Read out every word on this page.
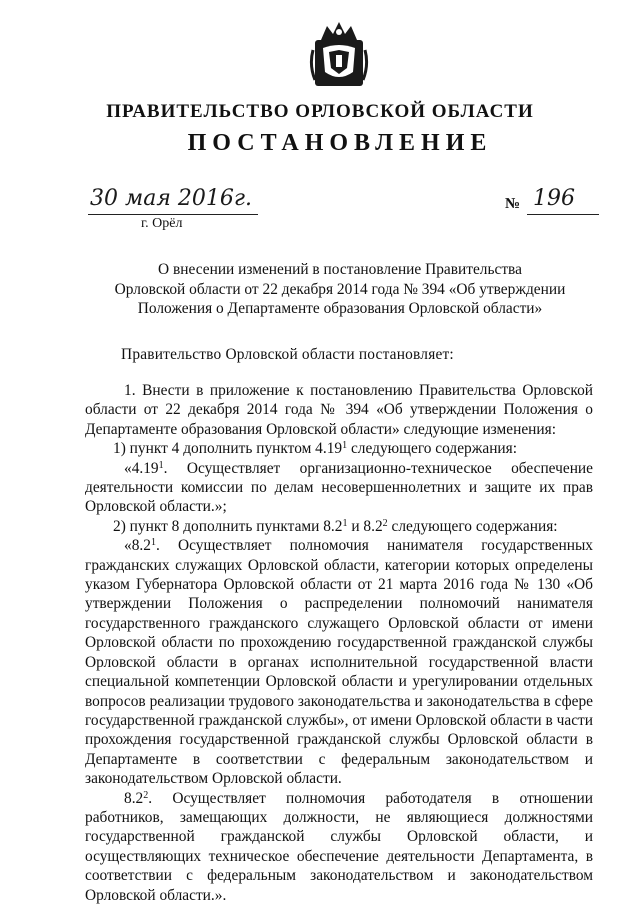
ПРАВИТЕЛЬСТВО ОРЛОВСКОЙ ОБЛАСТИ
ПОСТАНОВЛЕНИЕ
30 мая 2016г.
г. Орёл
№ 196
О внесении изменений в постановление Правительства
Орловской области от 22 декабря 2014 года № 394 «Об утверждении
Положения о Департаменте образования Орловской области»
Правительство Орловской области постановляет:

1. Внести в приложение к постановлению Правительства Орловской области от 22 декабря 2014 года № 394 «Об утверждении Положения о Департаменте образования Орловской области» следующие изменения:

1) пункт 4 дополнить пунктом 4.19$^1$ следующего содержания:

«4.19$^1$. Осуществляет организационно-техническое обеспечение деятельности комиссии по делам несовершеннолетних и защите их прав Орловской области.»;

2) пункт 8 дополнить пунктами $8.2^1$ и $8.2^2$ следующего содержания:

«$8.2^1$. Осуществляет полномочия нанимателя государственных гражданских служащих Орловской области, категории которых определены указом Губернатора Орловской области от 21 марта 2016 года № 130 «Об утверждении Положения о распределении полномочий нанимателя государственного гражданского служащего Орловской области от имени Орловской области по прохождению государственной гражданской службы Орловской области в органах исполнительной государственной власти специальной компетенции Орловской области и урегулировании отдельных вопросов реализации трудового законодательства и законодательства в сфере государственной гражданской службы», от имени Орловской области в части прохождения государственной гражданской службы Орловской области в Департаменте в соответствии с федеральным законодательством и законодательством Орловской области.

$8.2^2$. Осуществляет полномочия работодателя в отношении работников, замещающих должности, не являющиеся должностями государственной гражданской службы Орловской области, и осуществляющих техническое обеспечение деятельности Департамента, в соответствии с федеральным законодательством и законодательством Орловской области.».
